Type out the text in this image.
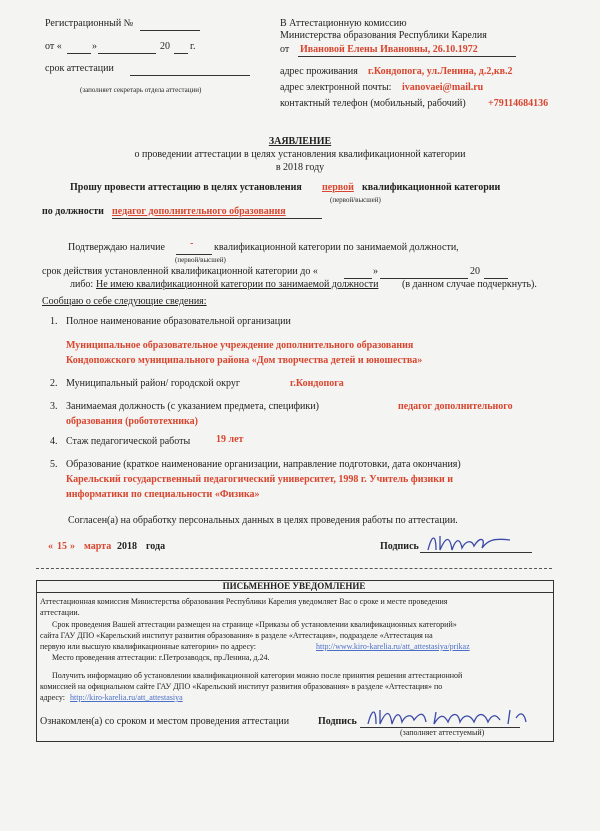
Регистрационный №
от «	»	20 г.
срок аттестации
(заполняет секретарь отдела аттестации)
В Аттестационную комиссию
Министерства образования Республики Карелия
от Ивановой Елены Ивановны, 26.10.1972
адрес проживания г.Кондопога, ул.Ленина, д.2,кв.2
адрес электронной почты: ivanovaei@mail.ru
контактный телефон (мобильный, рабочий) +79114684136
ЗАЯВЛЕНИЕ
о проведении аттестации в целях установления квалификационной категории
в 2018 году
Прошу провести аттестацию в целях установления первой квалификационной категории
(первой/высшей)
по должности педагог дополнительного образования
Подтверждаю наличие	- квалификационной категории по занимаемой должности,
(первой/высшей)
срок действия установленной квалификационной категории до «	»	20
либо: Не имею квалификационной категории по занимаемой должности (в данном случае подчеркнуть).
Сообщаю о себе следующие сведения:
1. Полное наименование образовательной организации
Муниципальное образовательное учреждение дополнительного образования
Кондопожского муниципального района «Дом творчества детей и юношества»
2. Муниципальный район/ городской округ	г.Кондопога
3. Занимаемая должность (с указанием предмета, специфики)	педагог дополнительного
образования (робототехника)
4. Стаж педагогической работы	19 лет
5. Образование (краткое наименование организации, направление подготовки, дата окончания)
Карельский государственный педагогический университет, 1998 г. Учитель физики и
информатики по специальности «Физика»
Согласен(а) на обработку персональных данных в целях проведения работы по аттестации.
« 15 » марта 2018 года	Подпись
ПИСЬМЕННОЕ УВЕДОМЛЕНИЕ
Аттестационная комиссия Министерства образования Республики Карелия уведомляет Вас о сроке и месте проведения
аттестации.
Срок проведения Вашей аттестации размещен на странице «Приказы об установлении квалификационных категорий»
сайта ГАУ ДПО «Карельский институт развития образования» в разделе «Аттестация», подразделе «Аттестация на
первую или высшую квалификационные категории» по адресу:	http://www.kiro-karelia.ru/att_attestasiya/prikaz
Место проведения аттестации: г.Петрозаводск, пр.Ленина, д.24.
Получить информацию об установлении квалификационной категории можно после принятия решения аттестационной
комиссией на официальном сайте ГАУ ДПО «Карельский институт развития образования» в разделе «Аттестация» по
адресу: http://kiro-karelia.ru/att_attestasiya
Ознакомлен(а) со сроком и местом проведения аттестации	Подпись
(заполняет аттестуемый)
